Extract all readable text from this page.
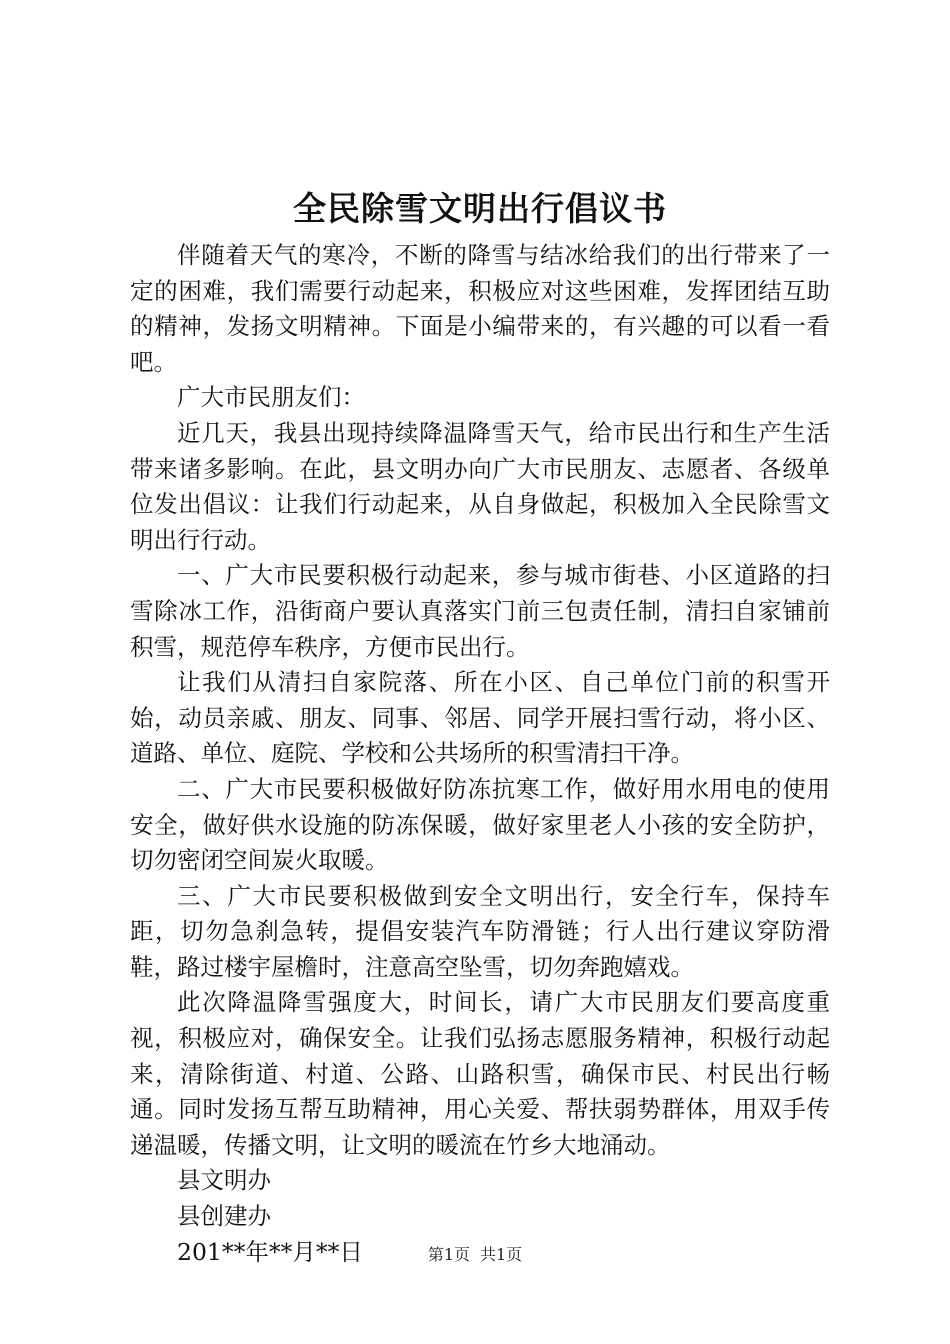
全民除雪文明出行倡议书

伴随着天气的寒冷，不断的降雪与结冰给我们的出行带来了一定的困难，我们需要行动起来，积极应对这些困难，发挥团结互助的精神，发扬文明精神。下面是小编带来的，有兴趣的可以看一看吧。

广大市民朋友们：

近几天，我县出现持续降温降雪天气，给市民出行和生产生活带来诸多影响。在此，县文明办向广大市民朋友、志愿者、各级单位发出倡议：让我们行动起来，从自身做起，积极加入全民除雪文明出行行动。

一、广大市民要积极行动起来，参与城市街巷、小区道路的扫雪除冰工作，沿街商户要认真落实门前三包责任制，清扫自家铺前积雪，规范停车秩序，方便市民出行。

让我们从清扫自家院落、所在小区、自己单位门前的积雪开始，动员亲戚、朋友、同事、邻居、同学开展扫雪行动，将小区、道路、单位、庭院、学校和公共场所的积雪清扫干净。

二、广大市民要积极做好防冻抗寒工作，做好用水用电的使用安全，做好供水设施的防冻保暖，做好家里老人小孩的安全防护，切勿密闭空间炭火取暖。

三、广大市民要积极做到安全文明出行，安全行车，保持车距，切勿急刹急转，提倡安装汽车防滑链；行人出行建议穿防滑鞋，路过楼宇屋檐时，注意高空坠雪，切勿奔跑嬉戏。

此次降温降雪强度大，时间长，请广大市民朋友们要高度重视，积极应对，确保安全。让我们弘扬志愿服务精神，积极行动起来，清除街道、村道、公路、山路积雪，确保市民、村民出行畅通。同时发扬互帮互助精神，用心关爱、帮扶弱势群体，用双手传递温暖，传播文明，让文明的暖流在竹乡大地涌动。

县文明办

县创建办

201**年**月**日	第1页 共1页
